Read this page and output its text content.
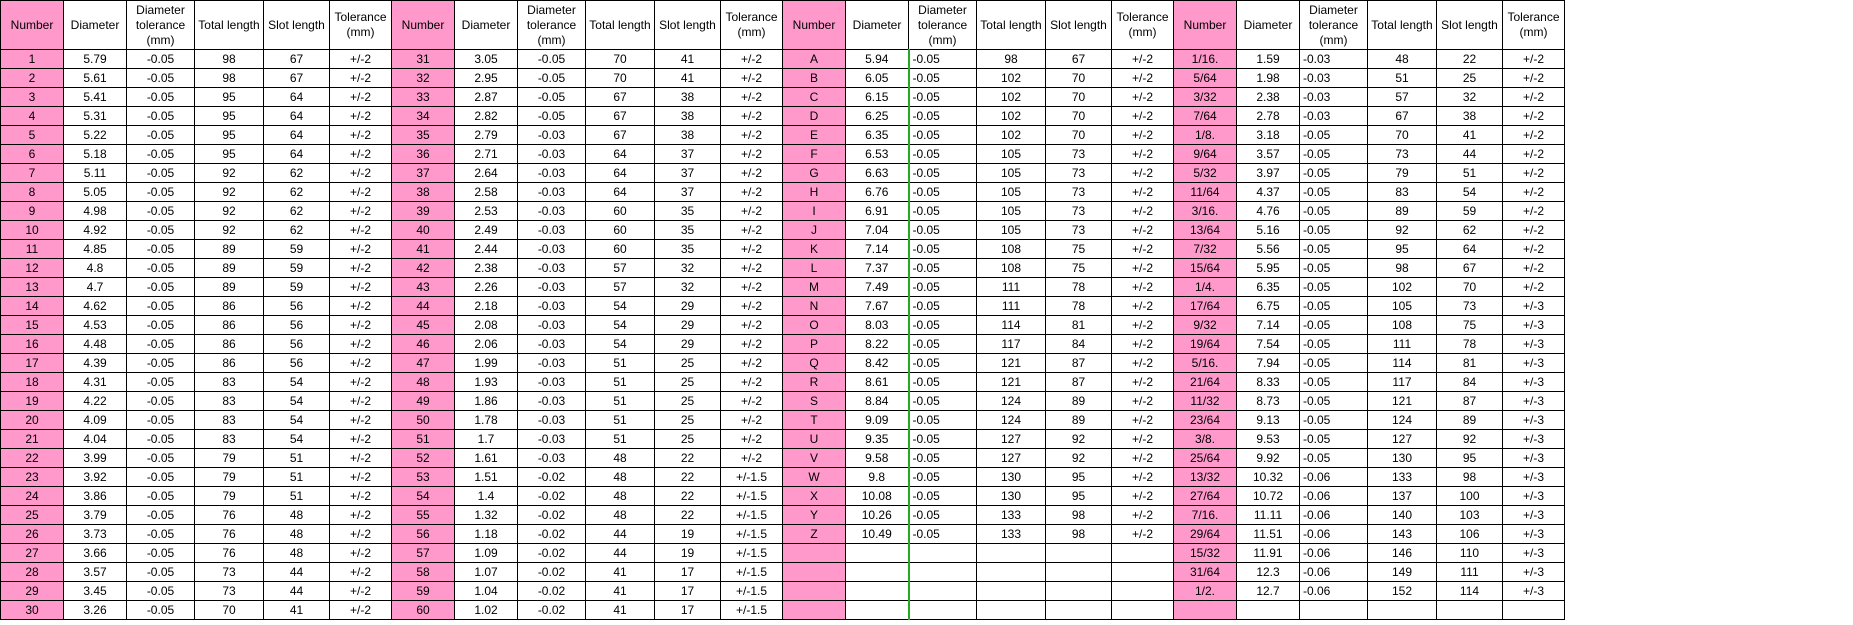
Number	Diameter	Diameter tolerance (mm)	Total length	Slot length	Tolerance (mm)	Number	Diameter	Diameter tolerance (mm)	Total length	Slot length	Tolerance (mm)	Number	Diameter	Diameter tolerance (mm)	Total length	Slot length	Tolerance (mm)	Number	Diameter	Diameter tolerance (mm)	Total length	Slot length	Tolerance (mm)
1	5.79	-0.05	98	67	+/-2	31	3.05	-0.05	70	41	+/-2	A	5.94	-0.05	98	67	+/-2	1/16.	1.59	-0.03	48	22	+/-2
2	5.61	-0.05	98	67	+/-2	32	2.95	-0.05	70	41	+/-2	B	6.05	-0.05	102	70	+/-2	5/64	1.98	-0.03	51	25	+/-2
3	5.41	-0.05	95	64	+/-2	33	2.87	-0.05	67	38	+/-2	C	6.15	-0.05	102	70	+/-2	3/32	2.38	-0.03	57	32	+/-2
4	5.31	-0.05	95	64	+/-2	34	2.82	-0.05	67	38	+/-2	D	6.25	-0.05	102	70	+/-2	7/64	2.78	-0.03	67	38	+/-2
5	5.22	-0.05	95	64	+/-2	35	2.79	-0.03	67	38	+/-2	E	6.35	-0.05	102	70	+/-2	1/8.	3.18	-0.05	70	41	+/-2
6	5.18	-0.05	95	64	+/-2	36	2.71	-0.03	64	37	+/-2	F	6.53	-0.05	105	73	+/-2	9/64	3.57	-0.05	73	44	+/-2
7	5.11	-0.05	92	62	+/-2	37	2.64	-0.03	64	37	+/-2	G	6.63	-0.05	105	73	+/-2	5/32	3.97	-0.05	79	51	+/-2
8	5.05	-0.05	92	62	+/-2	38	2.58	-0.03	64	37	+/-2	H	6.76	-0.05	105	73	+/-2	11/64	4.37	-0.05	83	54	+/-2
9	4.98	-0.05	92	62	+/-2	39	2.53	-0.03	60	35	+/-2	I	6.91	-0.05	105	73	+/-2	3/16.	4.76	-0.05	89	59	+/-2
10	4.92	-0.05	92	62	+/-2	40	2.49	-0.03	60	35	+/-2	J	7.04	-0.05	105	73	+/-2	13/64	5.16	-0.05	92	62	+/-2
11	4.85	-0.05	89	59	+/-2	41	2.44	-0.03	60	35	+/-2	K	7.14	-0.05	108	75	+/-2	7/32	5.56	-0.05	95	64	+/-2
12	4.8	-0.05	89	59	+/-2	42	2.38	-0.03	57	32	+/-2	L	7.37	-0.05	108	75	+/-2	15/64	5.95	-0.05	98	67	+/-2
13	4.7	-0.05	89	59	+/-2	43	2.26	-0.03	57	32	+/-2	M	7.49	-0.05	111	78	+/-2	1/4.	6.35	-0.05	102	70	+/-2
14	4.62	-0.05	86	56	+/-2	44	2.18	-0.03	54	29	+/-2	N	7.67	-0.05	111	78	+/-2	17/64	6.75	-0.05	105	73	+/-3
15	4.53	-0.05	86	56	+/-2	45	2.08	-0.03	54	29	+/-2	O	8.03	-0.05	114	81	+/-2	9/32	7.14	-0.05	108	75	+/-3
16	4.48	-0.05	86	56	+/-2	46	2.06	-0.03	54	29	+/-2	P	8.22	-0.05	117	84	+/-2	19/64	7.54	-0.05	111	78	+/-3
17	4.39	-0.05	86	56	+/-2	47	1.99	-0.03	51	25	+/-2	Q	8.42	-0.05	121	87	+/-2	5/16.	7.94	-0.05	114	81	+/-3
18	4.31	-0.05	83	54	+/-2	48	1.93	-0.03	51	25	+/-2	R	8.61	-0.05	121	87	+/-2	21/64	8.33	-0.05	117	84	+/-3
19	4.22	-0.05	83	54	+/-2	49	1.86	-0.03	51	25	+/-2	S	8.84	-0.05	124	89	+/-2	11/32	8.73	-0.05	121	87	+/-3
20	4.09	-0.05	83	54	+/-2	50	1.78	-0.03	51	25	+/-2	T	9.09	-0.05	124	89	+/-2	23/64	9.13	-0.05	124	89	+/-3
21	4.04	-0.05	83	54	+/-2	51	1.7	-0.03	51	25	+/-2	U	9.35	-0.05	127	92	+/-2	3/8.	9.53	-0.05	127	92	+/-3
22	3.99	-0.05	79	51	+/-2	52	1.61	-0.03	48	22	+/-2	V	9.58	-0.05	127	92	+/-2	25/64	9.92	-0.05	130	95	+/-3
23	3.92	-0.05	79	51	+/-2	53	1.51	-0.02	48	22	+/-1.5	W	9.8	-0.05	130	95	+/-2	13/32	10.32	-0.06	133	98	+/-3
24	3.86	-0.05	79	51	+/-2	54	1.4	-0.02	48	22	+/-1.5	X	10.08	-0.05	130	95	+/-2	27/64	10.72	-0.06	137	100	+/-3
25	3.79	-0.05	76	48	+/-2	55	1.32	-0.02	48	22	+/-1.5	Y	10.26	-0.05	133	98	+/-2	7/16.	11.11	-0.06	140	103	+/-3
26	3.73	-0.05	76	48	+/-2	56	1.18	-0.02	44	19	+/-1.5	Z	10.49	-0.05	133	98	+/-2	29/64	11.51	-0.06	143	106	+/-3
27	3.66	-0.05	76	48	+/-2	57	1.09	-0.02	44	19	+/-1.5							15/32	11.91	-0.06	146	110	+/-3
28	3.57	-0.05	73	44	+/-2	58	1.07	-0.02	41	17	+/-1.5							31/64	12.3	-0.06	149	111	+/-3
29	3.45	-0.05	73	44	+/-2	59	1.04	-0.02	41	17	+/-1.5							1/2.	12.7	-0.06	152	114	+/-3
30	3.26	-0.05	70	41	+/-2	60	1.02	-0.02	41	17	+/-1.5												
